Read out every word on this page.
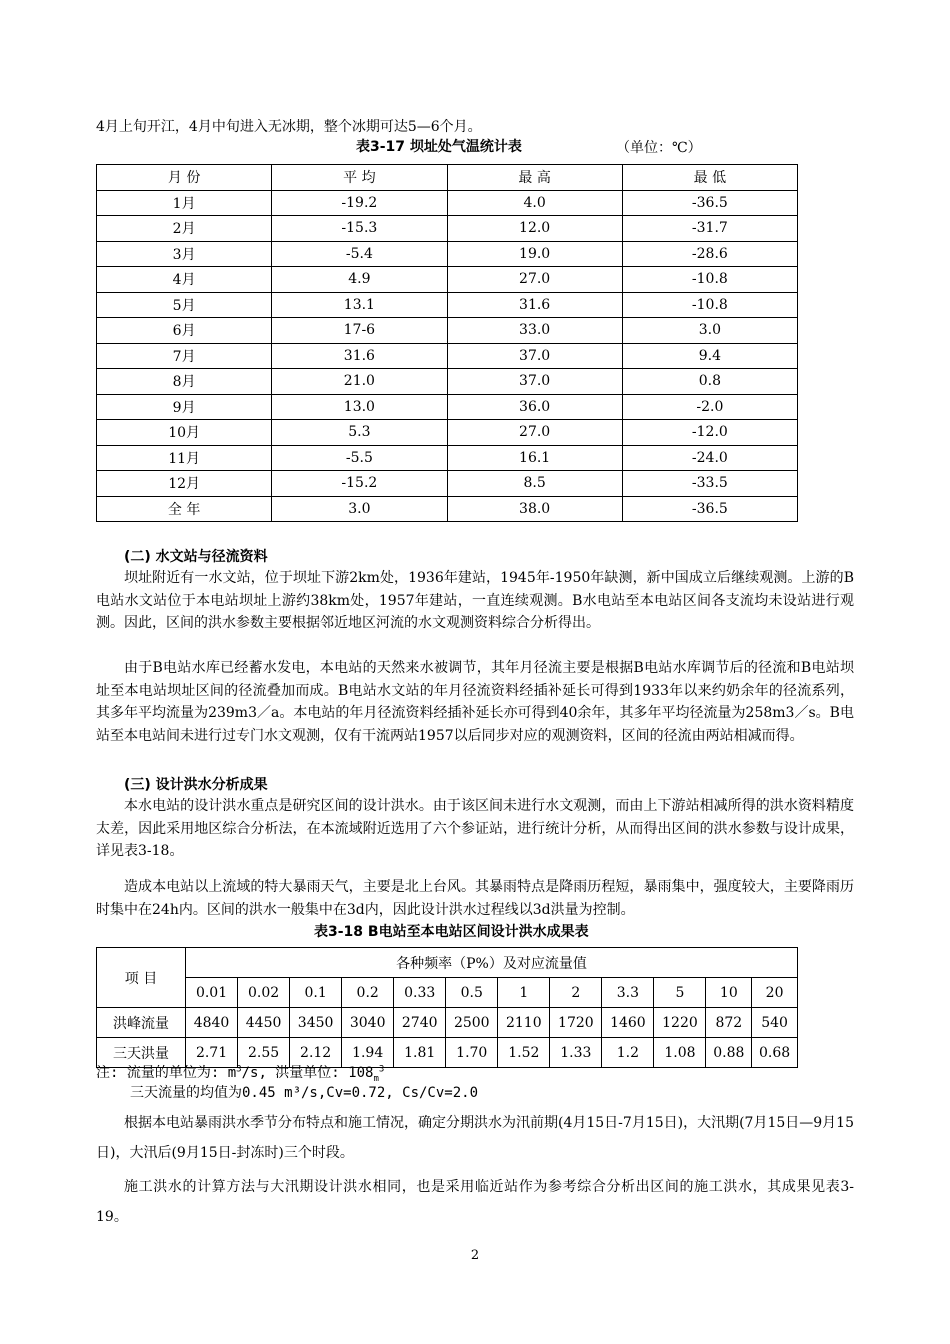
4月上旬开江，4月中旬进入无冰期，整个冰期可达5—6个月。
表3-17 坝址处气温统计表	（单位：℃）
月 份	平 均	最 高	最 低
1月	-19.2	4.0	-36.5
2月	-15.3	12.0	-31.7
3月	-5.4	19.0	-28.6
4月	4.9	27.0	-10.8
5月	13.1	31.6	-10.8
6月	17-6	33.0	3.0
7月	31.6	37.0	9.4
8月	21.0	37.0	0.8
9月	13.0	36.0	-2.0
10月	5.3	27.0	-12.0
11月	-5.5	16.1	-24.0
12月	-15.2	8.5	-33.5
全 年	3.0	38.0	-36.5
(二) 水文站与径流资料
坝址附近有一水文站，位于坝址下游2km处，1936年建站，1945年-1950年缺测，新中国成立后继续观测。上游的B电站水文站位于本电站坝址上游约38km处，1957年建站，一直连续观测。B水电站至本电站区间各支流均未设站进行观测。因此，区间的洪水参数主要根据邻近地区河流的水文观测资料综合分析得出。
由于B电站水库已经蓄水发电，本电站的天然来水被调节，其年月径流主要是根据B电站水库调节后的径流和B电站坝址至本电站坝址区间的径流叠加而成。B电站水文站的年月径流资料经插补延长可得到1933年以来约奶余年的径流系列，其多年平均流量为239m3／a。本电站的年月径流资料经插补延长亦可得到40余年，其多年平均径流量为258m3／s。B电站至本电站间未进行过专门水文观测，仅有干流两站1957以后同步对应的观测资料，区间的径流由两站相减而得。
(三) 设计洪水分析成果
本水电站的设计洪水重点是研究区间的设计洪水。由于该区间未进行水文观测，而由上下游站相减所得的洪水资料精度太差，因此采用地区综合分析法，在本流域附近选用了六个参证站，进行统计分析，从而得出区间的洪水参数与设计成果，详见表3-18。
造成本电站以上流域的特大暴雨天气，主要是北上台风。其暴雨特点是降雨历程短，暴雨集中，强度较大，主要降雨历时集中在24h内。区间的洪水一般集中在3d内，因此设计洪水过程线以3d洪量为控制。
表3-18 B电站至本电站区间设计洪水成果表
项 目	各种频率（P%）及对应流量值											
	0.01	0.02	0.1	0.2	0.33	0.5	1	2	3.3	5	10	20
洪峰流量	4840	4450	3450	3040	2740	2500	2110	1720	1460	1220	872	540
三天洪量	2.71	2.55	2.12	1.94	1.81	1.70	1.52	1.33	1.2	1.08	0.88	0.68
注: 流量的单位为: $m^3/s$, 洪量单位: $108_m^3$
三天流量的均值为0.45 m³/s,Cv=0.72, Cs/Cv=2.0
根据本电站暴雨洪水季节分布特点和施工情况，确定分期洪水为汛前期(4月15日-7月15日)，大汛期(7月15日—9月15日)，大汛后(9月15日-封冻时)三个时段。
施工洪水的计算方法与大汛期设计洪水相同，也是采用临近站作为参考综合分析出区间的施工洪水，其成果见表3-19。
2
